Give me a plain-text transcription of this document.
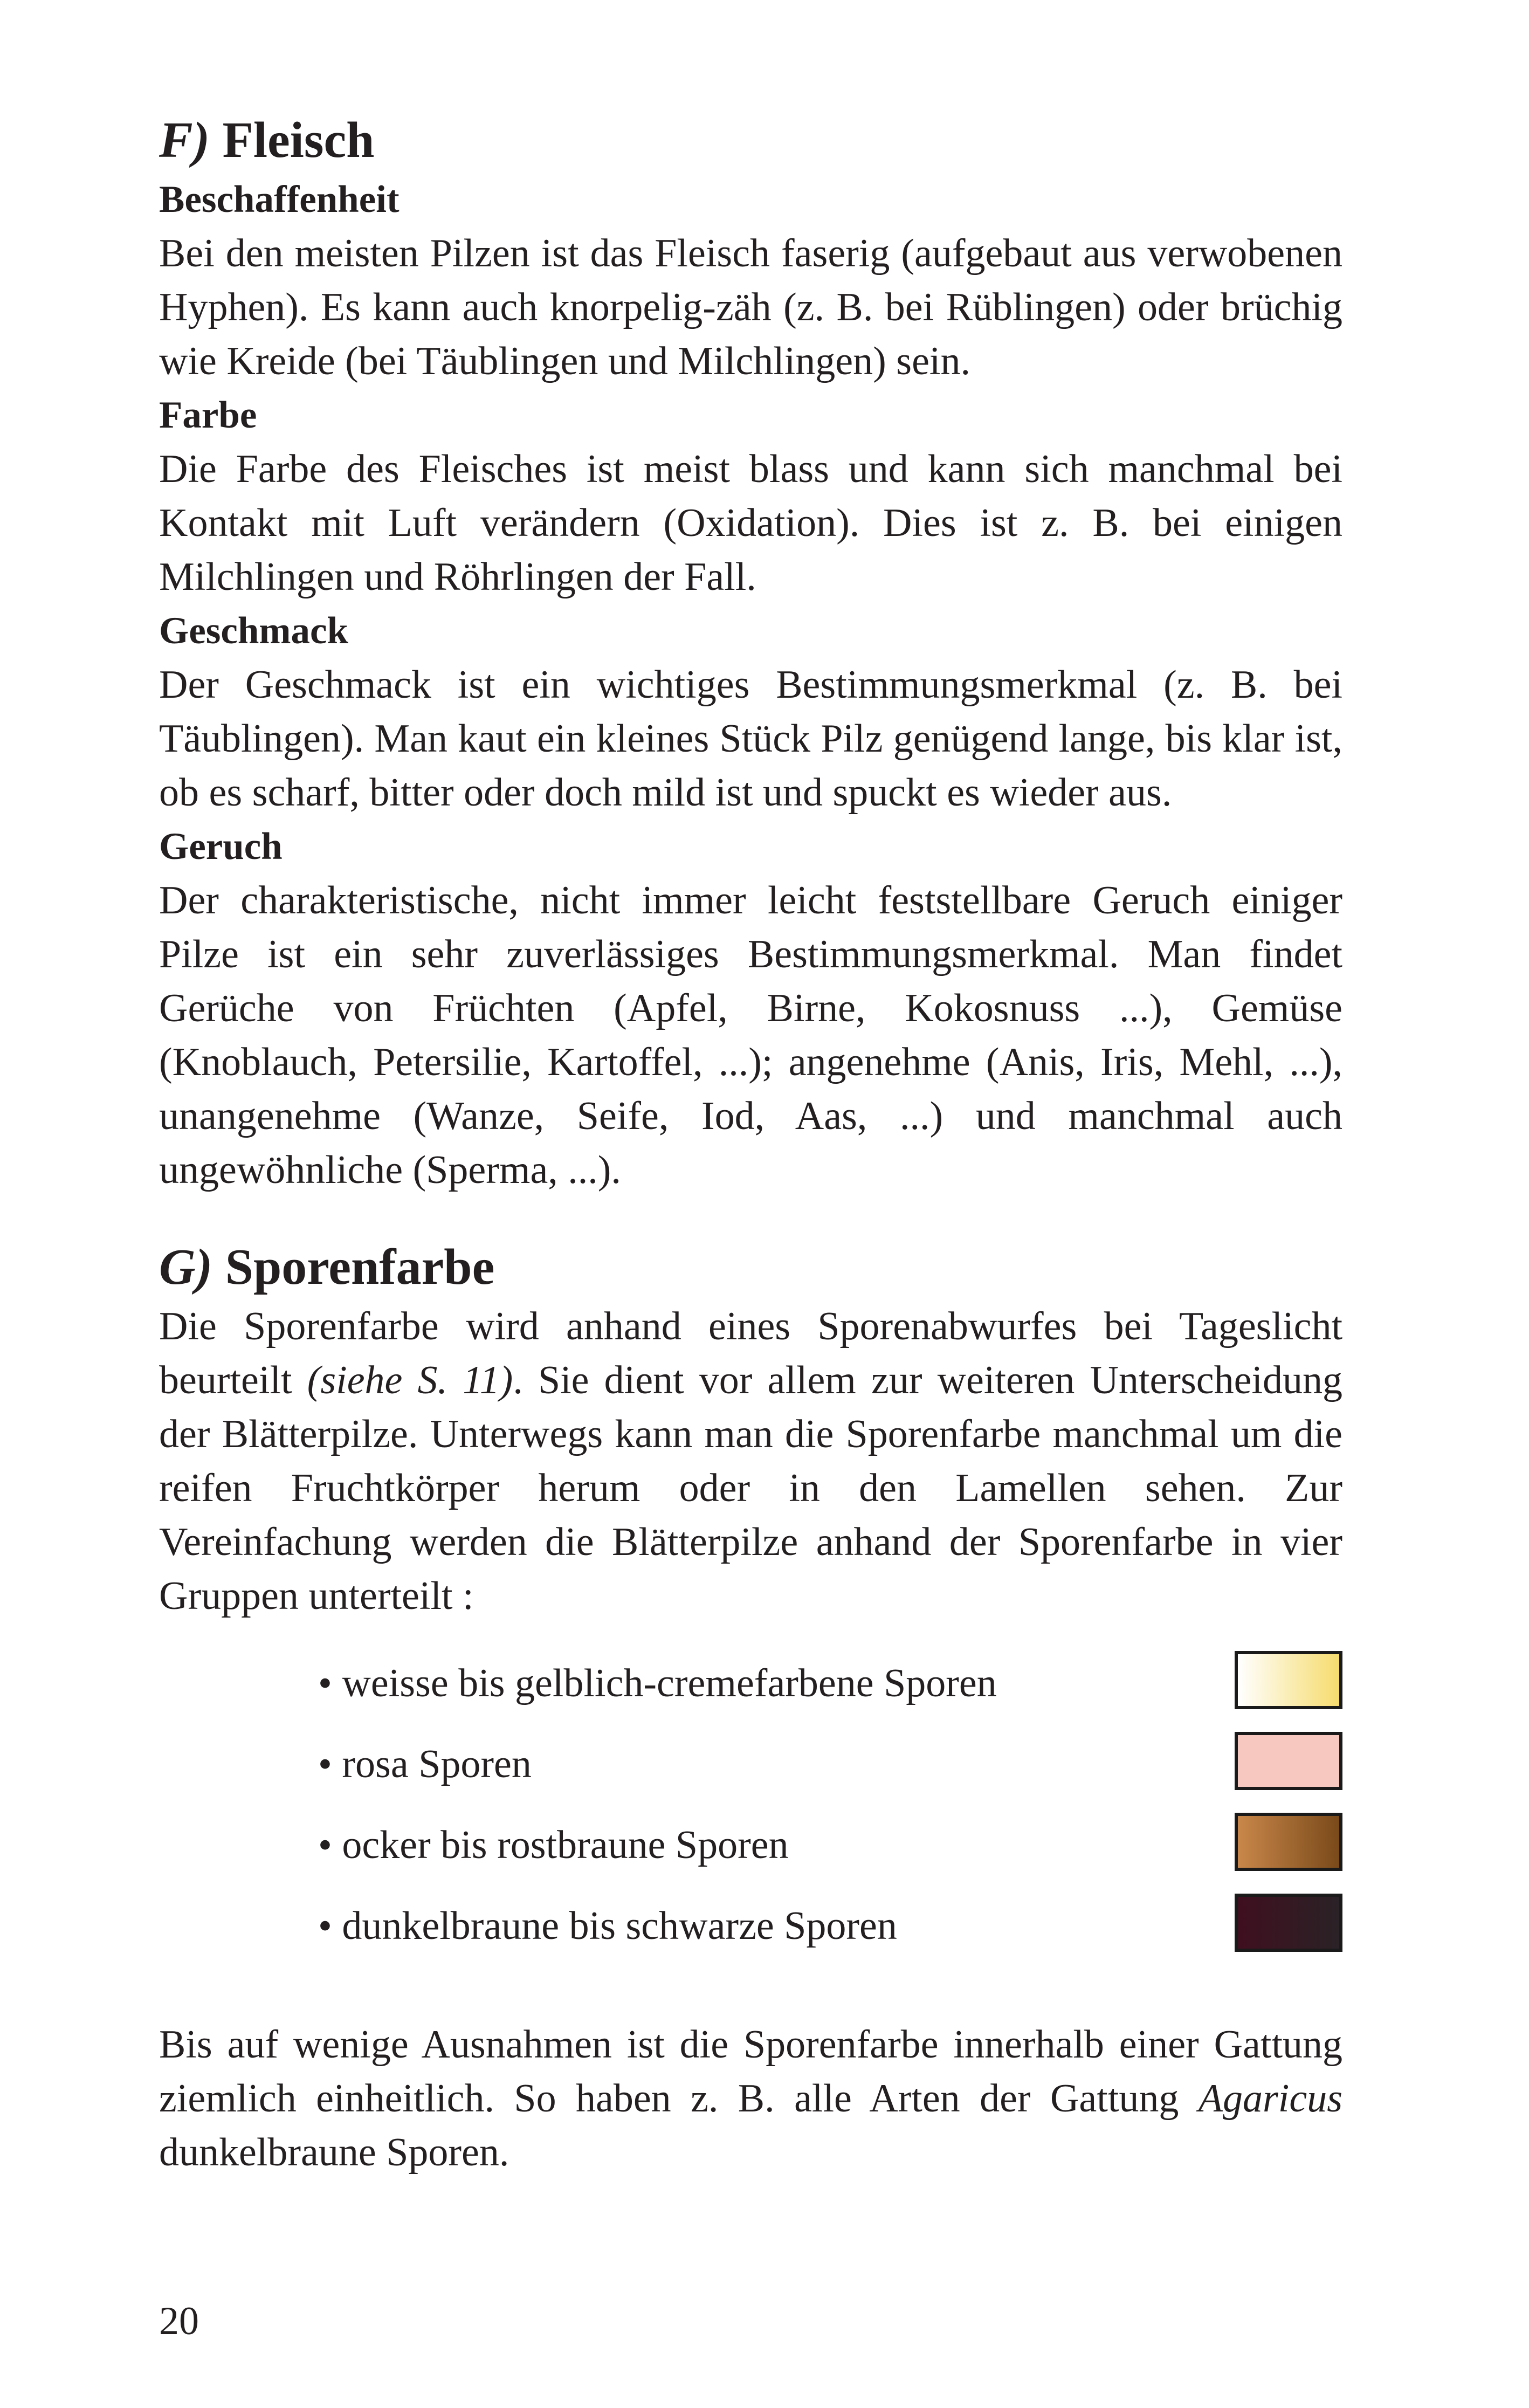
F) Fleisch
Beschaffenheit

Bei den meisten Pilzen ist das Fleisch faserig (aufgebaut aus verwobenen Hyphen). Es kann auch knorpelig-zäh (z. B. bei Rüblingen) oder brüchig wie Kreide (bei Täublingen und Milchlingen) sein.

Farbe

Die Farbe des Fleisches ist meist blass und kann sich manchmal bei Kontakt mit Luft verändern (Oxidation). Dies ist z. B. bei einigen Milchlingen und Röhrlingen der Fall.

Geschmack

Der Geschmack ist ein wichtiges Bestimmungsmerkmal (z. B. bei Täublingen). Man kaut ein kleines Stück Pilz genügend lange, bis klar ist, ob es scharf, bitter oder doch mild ist und spuckt es wieder aus.

Geruch

Der charakteristische, nicht immer leicht feststellbare Geruch einiger Pilze ist ein sehr zuverlässiges Bestimmungsmerkmal. Man findet Gerüche von Früchten (Apfel, Birne, Kokosnuss ...), Gemüse (Knoblauch, Petersilie, Kartoffel, ...); angenehme (Anis, Iris, Mehl, ...), unangenehme (Wanze, Seife, Iod, Aas, ...) und manchmal auch ungewöhnliche (Sperma, ...).

G) Sporenfarbe

Die Sporenfarbe wird anhand eines Sporenabwurfes bei Tageslicht beurteilt (siehe S. 11). Sie dient vor allem zur weiteren Unterscheidung der Blätterpilze. Unterwegs kann man die Sporenfarbe manchmal um die reifen Fruchtkörper herum oder in den Lamellen sehen. Zur Vereinfachung werden die Blätterpilze anhand der Sporenfarbe in vier Gruppen unterteilt :

• weisse bis gelblich-cremefarbene Sporen
• rosa Sporen
• ocker bis rostbraune Sporen
• dunkelbraune bis schwarze Sporen

Bis auf wenige Ausnahmen ist die Sporenfarbe innerhalb einer Gattung ziemlich einheitlich. So haben z. B. alle Arten der Gattung Agaricus dunkelbraune Sporen.

20
